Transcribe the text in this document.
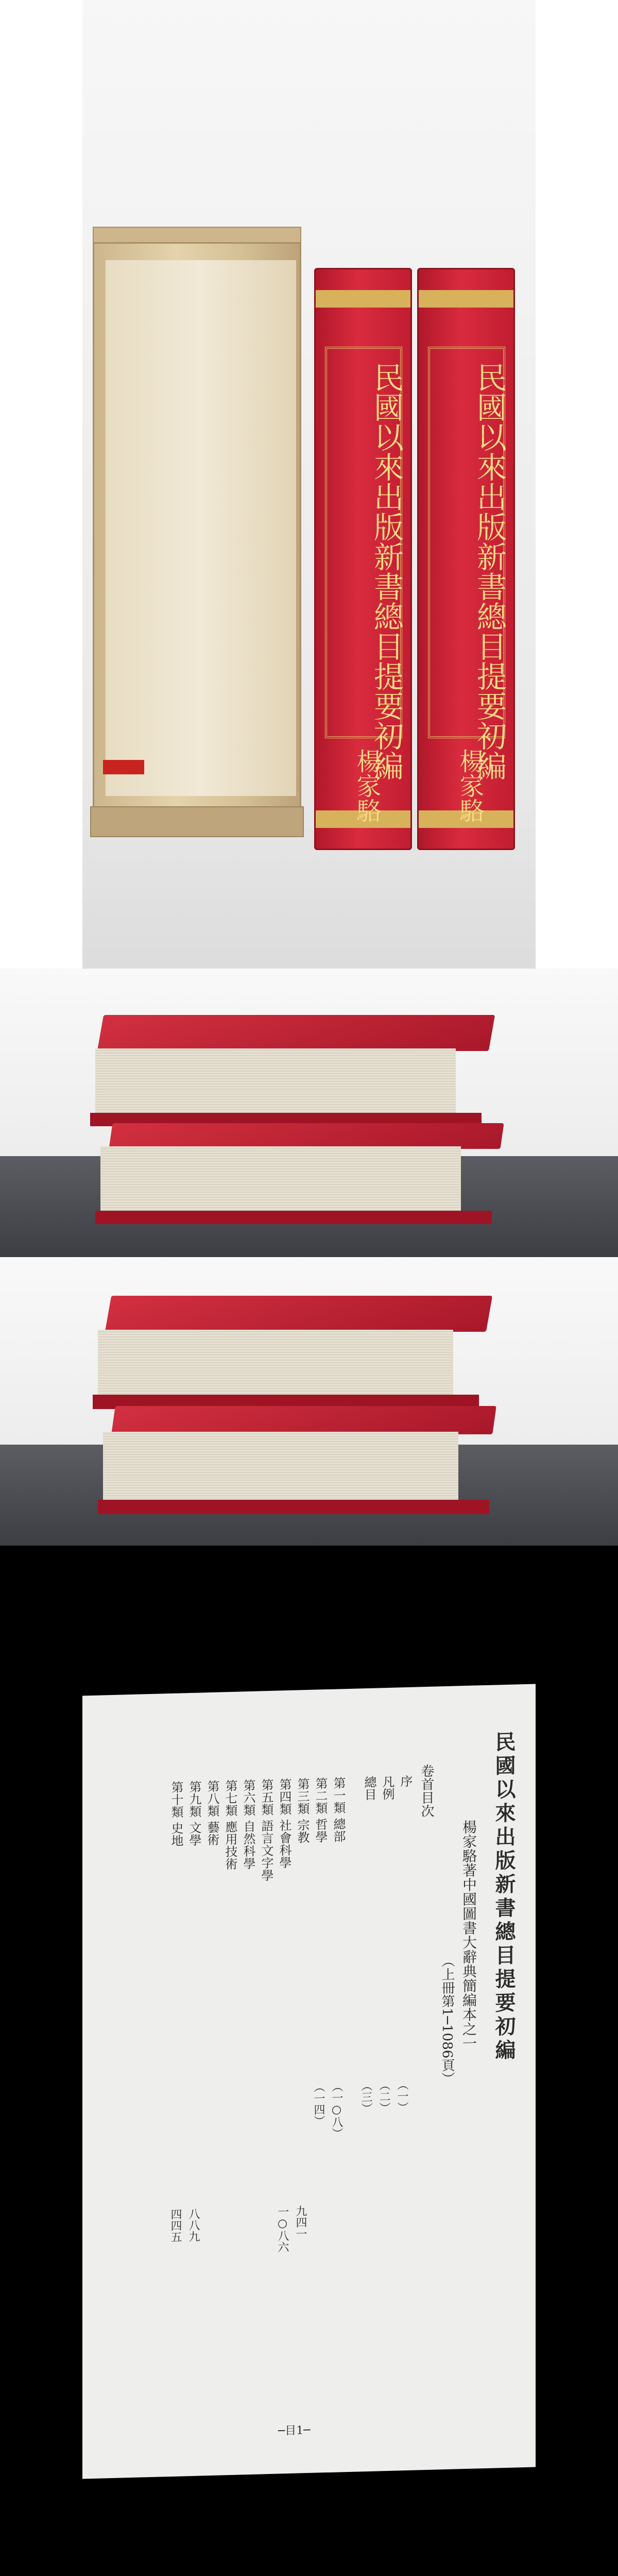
民國以來出版新書總目提要初編
楊家駱
民國以來出版新書總目提要初編
楊家駱
民國以來出版新書總目提要初編
楊家駱著中國圖書大辭典簡編本之一
（上冊第1─1086頁）
卷首目次
序
凡例
總目
第一類 總部
第二類 哲學
第三類 宗教
第四類 社會科學
第五類 語言文字學
第六類 自然科學
第七類 應用技術
第八類 藝術
第九類 文學
第十類 史地
（一）
（二）
（三）
（一○八）
（一四）
九四一
一○八六
八八九
四四五
─目1─
